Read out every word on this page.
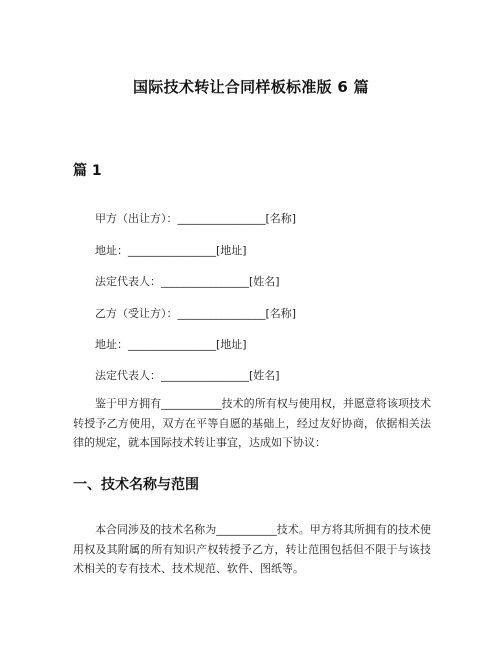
国际技术转让合同样板标准版 6 篇
篇 1
甲方（出让方）：________________[名称]
地址：________________[地址]
法定代表人：________________[姓名]
乙方（受让方）：________________[名称]
地址：________________[地址]
法定代表人：________________[姓名]

鉴于甲方拥有___________技术的所有权与使用权，并愿意将该项技术转授予乙方使用，双方在平等自愿的基础上，经过友好协商，依据相关法律的规定，就本国际技术转让事宜，达成如下协议：

一、技术名称与范围

本合同涉及的技术名称为___________技术。甲方将其所拥有的技术使用权及其附属的所有知识产权转授予乙方，转让范围包括但不限于与该技术相关的专有技术、技术规范、软件、图纸等。
